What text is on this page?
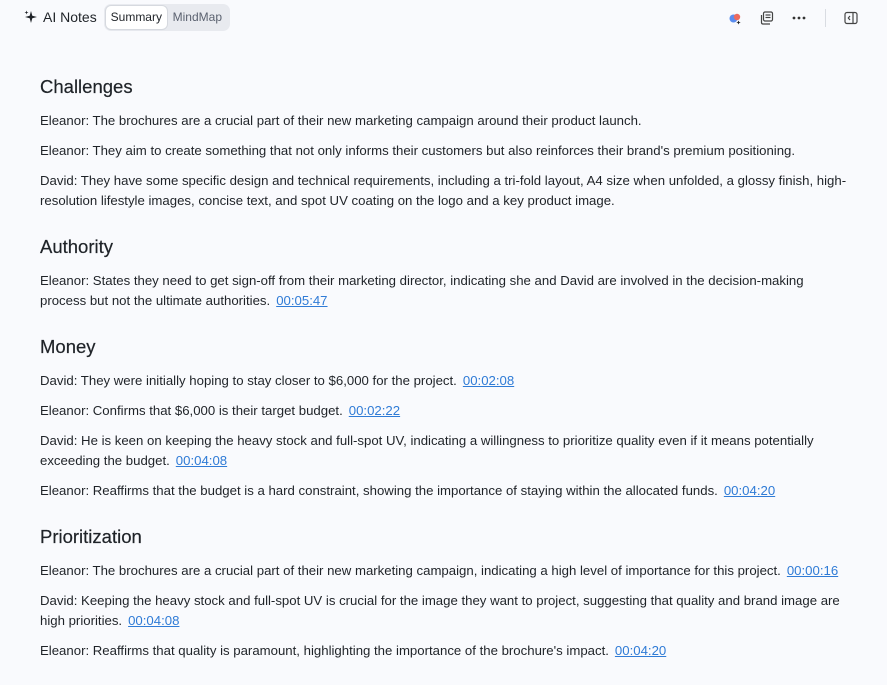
AI Notes	Summary MindMap
Challenges

Eleanor: The brochures are a crucial part of their new marketing campaign around their product launch.

Eleanor: They aim to create something that not only informs their customers but also reinforces their brand's premium positioning.

David: They have some specific design and technical requirements, including a tri-fold layout, A4 size when unfolded, a glossy finish, high-resolution lifestyle images, concise text, and spot UV coating on the logo and a key product image.

Authority

Eleanor: States they need to get sign-off from their marketing director, indicating she and David are involved in the decision-making process but not the ultimate authorities. 00:05:47

Money

David: They were initially hoping to stay closer to $6,000 for the project. 00:02:08

Eleanor: Confirms that $6,000 is their target budget. 00:02:22

David: He is keen on keeping the heavy stock and full-spot UV, indicating a willingness to prioritize quality even if it means potentially exceeding the budget. 00:04:08

Eleanor: Reaffirms that the budget is a hard constraint, showing the importance of staying within the allocated funds. 00:04:20

Prioritization

Eleanor: The brochures are a crucial part of their new marketing campaign, indicating a high level of importance for this project. 00:00:16

David: Keeping the heavy stock and full-spot UV is crucial for the image they want to project, suggesting that quality and brand image are high priorities. 00:04:08

Eleanor: Reaffirms that quality is paramount, highlighting the importance of the brochure's impact. 00:04:20
